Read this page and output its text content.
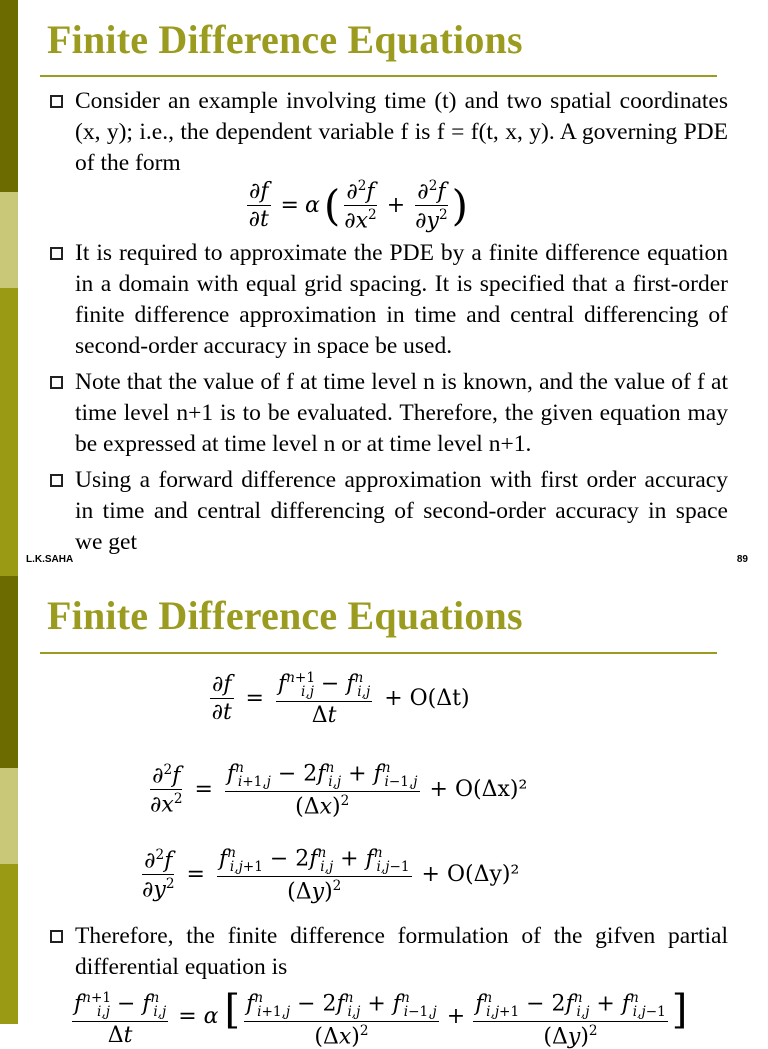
Finite Difference Equations
Consider an example involving time (t) and two spatial coordinates (x, y); i.e., the dependent variable f is f = f(t, x, y). A governing PDE of the form
$\frac{\partial f}{\partial t} = \alpha$ ( $\frac{\partial^2f}{\partial x^2} + \frac{\partial^2f}{\partial y^2}$ )
It is required to approximate the PDE by a finite difference equation in a domain with equal grid spacing. It is specified that a first-order finite difference approximation in time and central differencing of second-order accuracy in space be used.
Note that the value of f at time level n is known, and the value of f at time level n+1 is to be evaluated. Therefore, the given equation may be expressed at time level n or at time level n+1.
Using a forward difference approximation with first order accuracy in time and central differencing of second-order accuracy in space we get
L.K.SAHA	89
Finite Difference Equations
$\frac{\partial f}{\partial t} = \frac{f^{n+1}_{i,j} - f^n_{i,j}}{\Delta t} + O(\Delta t)$
$\frac{\partial^2f}{\partial x^2} = \frac{f^n_{i+1,j} - 2f^n_{i,j} + f^n_{i-1,j}}{(\Delta x)^2} + O(\Delta x)^2$
$\frac{\partial^2f}{\partial y^2} = \frac{f^n_{i,j+1} - 2f^n_{i,j} + f^n_{i,j-1}}{(\Delta y)^2} + O(\Delta y)^2$
Therefore, the finite difference formulation of the gifven partial differential equation is
$\frac{f^{n+1}_{i,j} - f^n_{i,j}}{\Delta t} = \alpha$ [ $\frac{f^n_{i+1,j} - 2f^n_{i,j} + f^n_{i-1,j}}{(\Delta x)^2} + \frac{f^n_{i,j+1} - 2f^n_{i,j} + f^n_{i,j-1}}{(\Delta y)^2}$ ]
